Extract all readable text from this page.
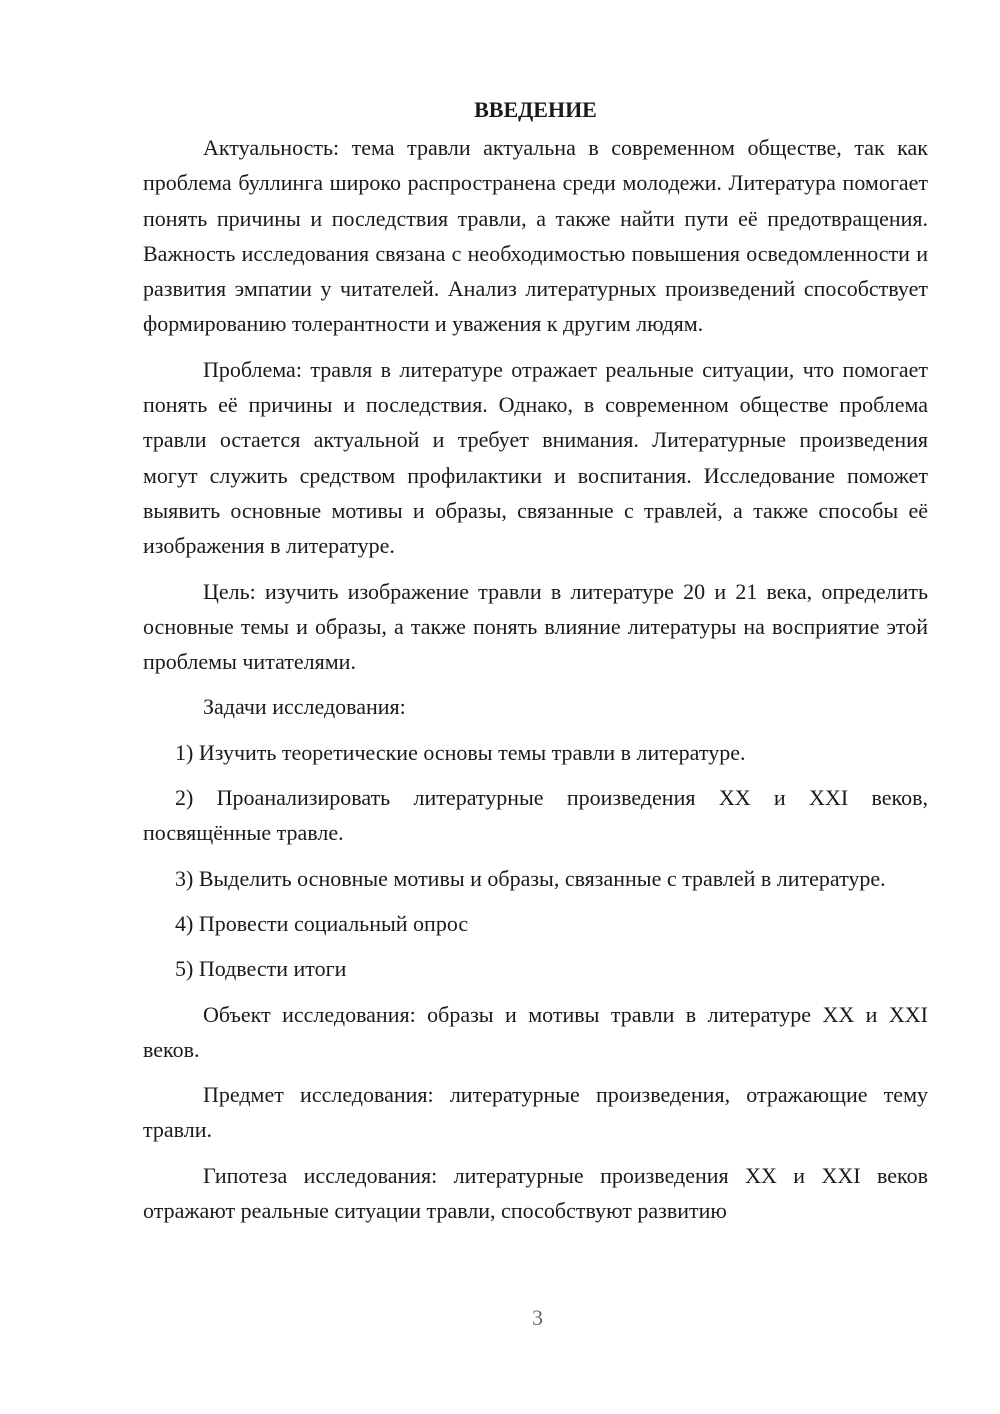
ВВЕДЕНИЕ

Актуальность: тема травли актуальна в современном обществе, так как проблема буллинга широко распространена среди молодежи. Литература помогает понять причины и последствия травли, а также найти пути её предотвращения. Важность исследования связана с необходимостью повышения осведомленности и развития эмпатии у читателей. Анализ литературных произведений способствует формированию толерантности и уважения к другим людям.

Проблема: травля в литературе отражает реальные ситуации, что помогает понять её причины и последствия. Однако, в современном обществе проблема травли остается актуальной и требует внимания. Литературные произведения могут служить средством профилактики и воспитания. Исследование поможет выявить основные мотивы и образы, связанные с травлей, а также способы её изображения в литературе.

Цель: изучить изображение травли в литературе 20 и 21 века, определить основные темы и образы, а также понять влияние литературы на восприятие этой проблемы читателями.

Задачи исследования:

1) Изучить теоретические основы темы травли в литературе.

2) Проанализировать литературные произведения XX и XXI веков, посвящённые травле.

3) Выделить основные мотивы и образы, связанные с травлей в литературе.

4) Провести социальный опрос

5) Подвести итоги

Объект исследования: образы и мотивы травли в литературе XX и XXI веков.

Предмет исследования: литературные произведения, отражающие тему травли.

Гипотеза исследования: литературные произведения XX и XXI веков отражают реальные ситуации травли, способствуют развитию

3
